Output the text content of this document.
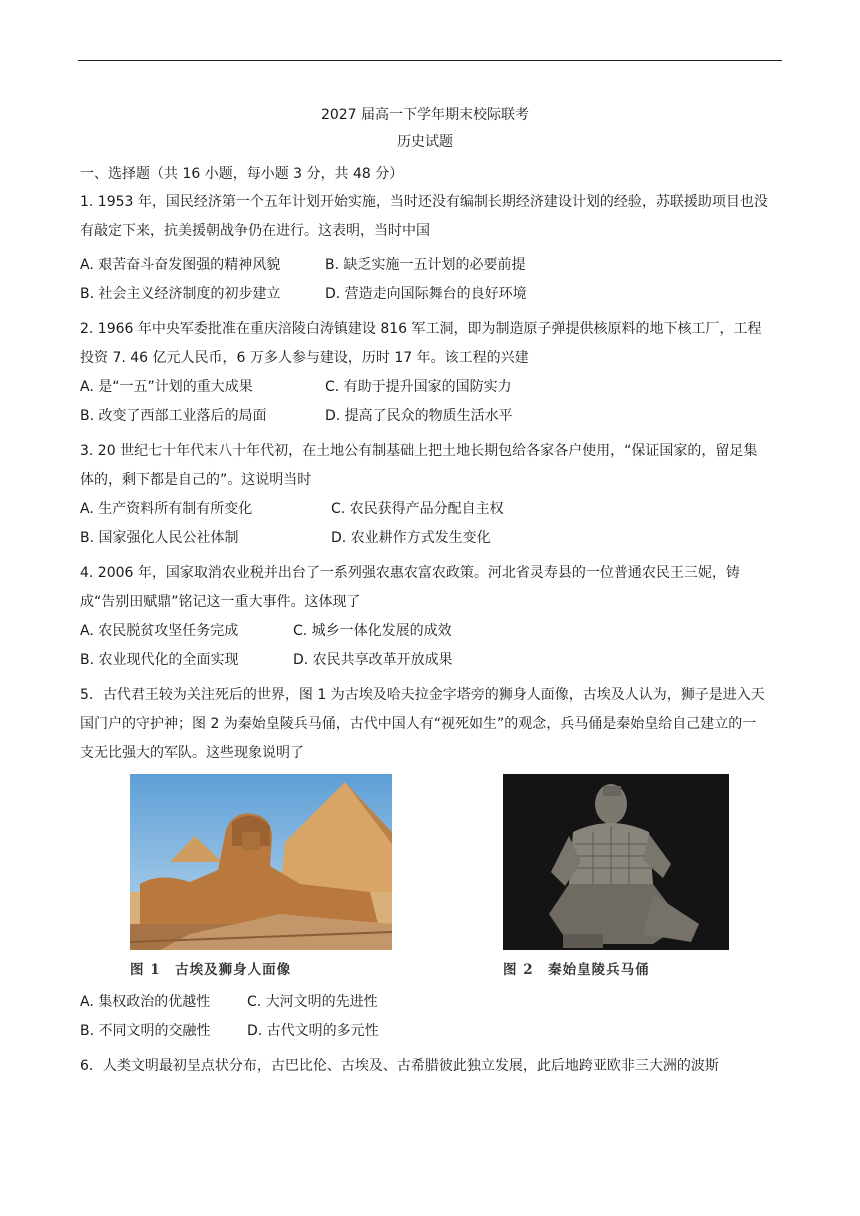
2027 届高一下学年期末校际联考
历史试题
一、选择题（共 16 小题，每小题 3 分，共 48 分）
1. 1953 年，国民经济第一个五年计划开始实施，当时还没有编制长期经济建设计划的经验，苏联援助项目也没有敲定下来，抗美援朝战争仍在进行。这表明，当时中国
A. 艰苦奋斗奋发图强的精神风貌	B. 缺乏实施一五计划的必要前提
B. 社会主义经济制度的初步建立	D. 营造走向国际舞台的良好环境
2. 1966 年中央军委批准在重庆涪陵白涛镇建设 816 军工洞，即为制造原子弹提供核原料的地下核工厂，工程投资 7. 46 亿元人民币，6 万多人参与建设，历时 17 年。该工程的兴建
A. 是“一五”计划的重大成果	C. 有助于提升国家的国防实力
B. 改变了西部工业落后的局面	D. 提高了民众的物质生活水平
3. 20 世纪七十年代末八十年代初，在土地公有制基础上把土地长期包给各家各户使用，“保证国家的，留足集体的，剩下都是自己的”。这说明当时
A. 生产资料所有制有所变化	C. 农民获得产品分配自主权
B. 国家强化人民公社体制	D. 农业耕作方式发生变化
4. 2006 年，国家取消农业税并出台了一系列强农惠农富农政策。河北省灵寿县的一位普通农民王三妮，铸成“告别田赋鼎”铭记这一重大事件。这体现了
A. 农民脱贫攻坚任务完成	C. 城乡一体化发展的成效
B. 农业现代化的全面实现	D. 农民共享改革开放成果
5．古代君王较为关注死后的世界，图 1 为古埃及哈夫拉金字塔旁的狮身人面像，古埃及人认为，狮子是进入天国门户的守护神；图 2 为秦始皇陵兵马俑，古代中国人有“视死如生”的观念，兵马俑是秦始皇给自己建立的一支无比强大的军队。这些现象说明了
图 1　古埃及狮身人面像	图 2　秦始皇陵兵马俑
A. 集权政治的优越性	C. 大河文明的先进性
B. 不同文明的交融性	D. 古代文明的多元性
6．人类文明最初呈点状分布，古巴比伦、古埃及、古希腊彼此独立发展，此后地跨亚欧非三大洲的波斯
